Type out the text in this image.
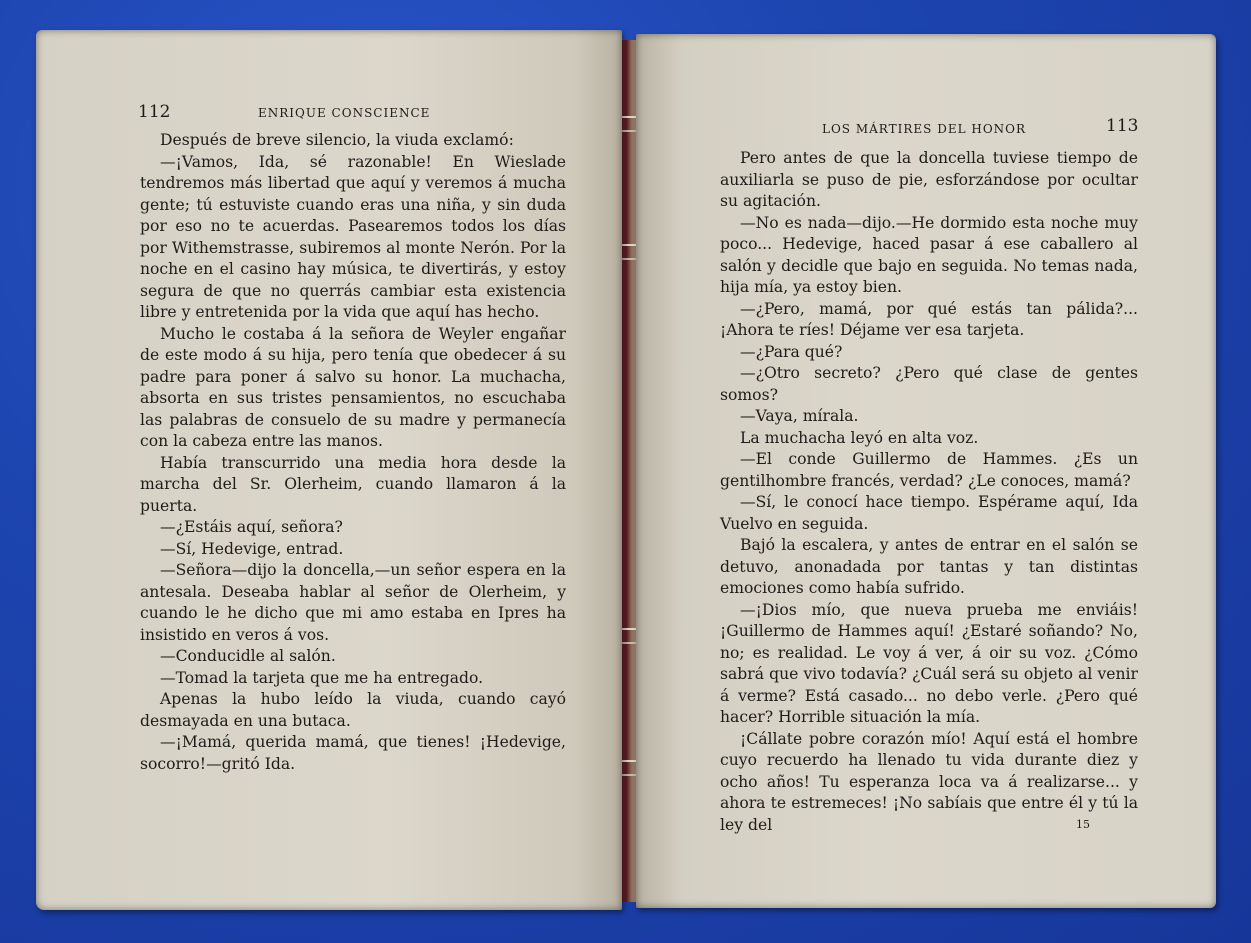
112	ENRIQUE CONSCIENCE

Después de breve silencio, la viuda exclamó:

—¡Vamos, Ida, sé razonable! En Wieslade tendremos más libertad que aquí y veremos á mucha gente; tú estuviste cuando eras una niña, y sin duda por eso no te acuerdas. Pasearemos todos los días por Withemstrasse, subiremos al monte Nerón. Por la noche en el casino hay música, te divertirás, y estoy segura de que no querrás cambiar esta existencia libre y entretenida por la vida que aquí has hecho.

Mucho le costaba á la señora de Weyler engañar de este modo á su hija, pero tenía que obedecer á su padre para poner á salvo su honor. La muchacha, absorta en sus tristes pensamientos, no escuchaba las palabras de consuelo de su madre y permanecía con la cabeza entre las manos.

Había transcurrido una media hora desde la marcha del Sr. Olerheim, cuando llamaron á la puerta.

—¿Estáis aquí, señora?

—Sí, Hedevige, entrad.

—Señora—dijo la doncella,—un señor espera en la antesala. Deseaba hablar al señor de Olerheim, y cuando le he dicho que mi amo estaba en Ipres ha insistido en veros á vos.

—Conducidle al salón.

—Tomad la tarjeta que me ha entregado.

Apenas la hubo leído la viuda, cuando cayó desmayada en una butaca.

—¡Mamá, querida mamá, que tienes! ¡Hedevige, socorro!—gritó Ida.

LOS MÁRTIRES DEL HONOR	113

Pero antes de que la doncella tuviese tiempo de auxiliarla se puso de pie, esforzándose por ocultar su agitación.

—No es nada—dijo.—He dormido esta noche muy poco... Hedevige, haced pasar á ese caballero al salón y decidle que bajo en seguida. No temas nada, hija mía, ya estoy bien.

—¿Pero, mamá, por qué estás tan pálida?... ¡Ahora te ríes! Déjame ver esa tarjeta.

—¿Para qué?

—¿Otro secreto? ¿Pero qué clase de gentes somos?

—Vaya, mírala.

La muchacha leyó en alta voz.

—El conde Guillermo de Hammes. ¿Es un gentilhombre francés, verdad? ¿Le conoces, mamá?

—Sí, le conocí hace tiempo. Espérame aquí, Ida Vuelvo en seguida.

Bajó la escalera, y antes de entrar en el salón se detuvo, anonadada por tantas y tan distintas emociones como había sufrido.

—¡Dios mío, que nueva prueba me enviáis! ¡Guillermo de Hammes aquí! ¿Estaré soñando? No, no; es realidad. Le voy á ver, á oir su voz. ¿Cómo sabrá que vivo todavía? ¿Cuál será su objeto al venir á verme? Está casado... no debo verle. ¿Pero qué hacer? Horrible situación la mía.

¡Cállate pobre corazón mío! Aquí está el hombre cuyo recuerdo ha llenado tu vida durante diez y ocho años! Tu esperanza loca va á realizarse... y ahora te estremeces! ¡No sabíais que entre él y tú la ley del	15
